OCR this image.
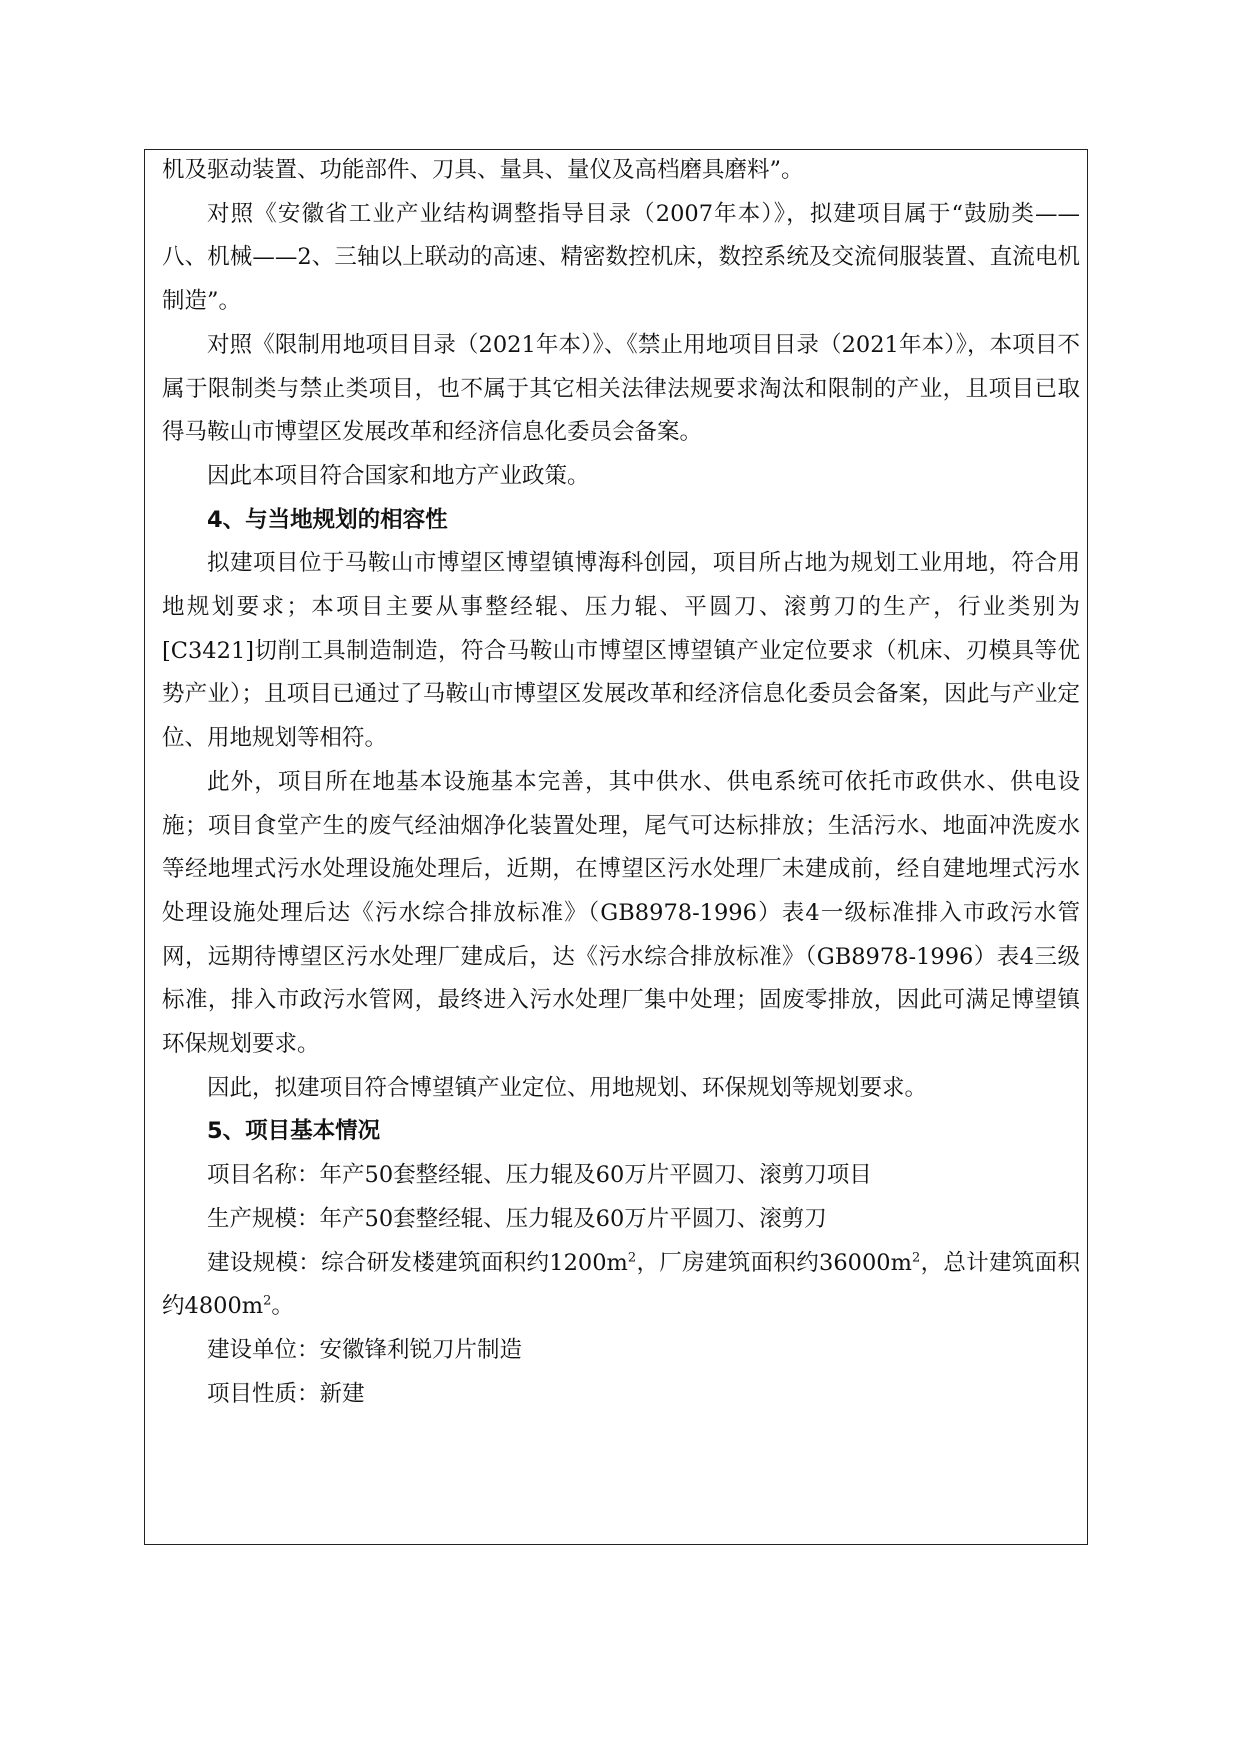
机及驱动装置、功能部件、刀具、量具、量仪及高档磨具磨料”。

对照《安徽省工业产业结构调整指导目录（2007年本）》，拟建项目属于“鼓励类——八、机械——2、三轴以上联动的高速、精密数控机床，数控系统及交流伺服装置、直流电机制造”。

对照《限制用地项目目录（2021年本）》、《禁止用地项目目录（2021年本）》，本项目不属于限制类与禁止类项目，也不属于其它相关法律法规要求淘汰和限制的产业，且项目已取得马鞍山市博望区发展改革和经济信息化委员会备案。

因此本项目符合国家和地方产业政策。

4、与当地规划的相容性

拟建项目位于马鞍山市博望区博望镇博海科创园，项目所占地为规划工业用地，符合用地规划要求；本项目主要从事整经辊、压力辊、平圆刀、滚剪刀的生产，行业类别为[C3421]切削工具制造制造，符合马鞍山市博望区博望镇产业定位要求（机床、刃模具等优势产业）；且项目已通过了马鞍山市博望区发展改革和经济信息化委员会备案，因此与产业定位、用地规划等相符。

此外，项目所在地基本设施基本完善，其中供水、供电系统可依托市政供水、供电设施；项目食堂产生的废气经油烟净化装置处理，尾气可达标排放；生活污水、地面冲洗废水等经地埋式污水处理设施处理后，近期，在博望区污水处理厂未建成前，经自建地埋式污水处理设施处理后达《污水综合排放标准》（GB8978-1996）表4一级标准排入市政污水管网，远期待博望区污水处理厂建成后，达《污水综合排放标准》（GB8978-1996）表4三级标准，排入市政污水管网，最终进入污水处理厂集中处理；固废零排放，因此可满足博望镇环保规划要求。

因此，拟建项目符合博望镇产业定位、用地规划、环保规划等规划要求。

5、项目基本情况

项目名称：年产50套整经辊、压力辊及60万片平圆刀、滚剪刀项目

生产规模：年产50套整经辊、压力辊及60万片平圆刀、滚剪刀

建设规模：综合研发楼建筑面积约$1200m^2$，厂房建筑面积约$36000m^2$，总计建筑面积约$4800m^2$。

建设单位：安徽锋利锐刀片制造

项目性质：新建
